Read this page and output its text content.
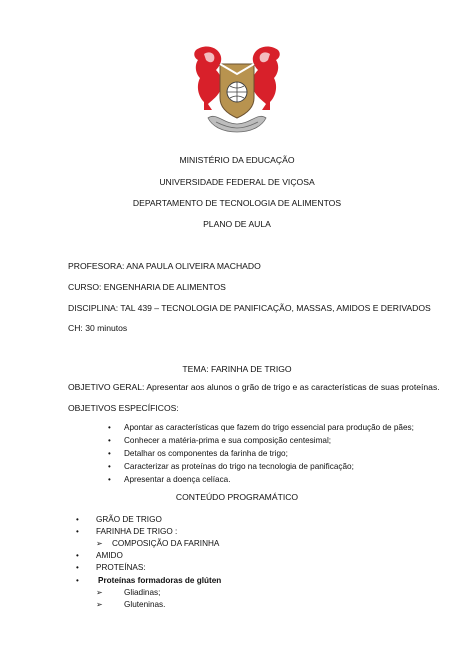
MINISTÉRIO DA EDUCAÇÃO
UNIVERSIDADE FEDERAL DE VIÇOSA
DEPARTAMENTO DE TECNOLOGIA DE ALIMENTOS
PLANO DE AULA
PROFESORA: ANA PAULA OLIVEIRA MACHADO
CURSO: ENGENHARIA DE ALIMENTOS
DISCIPLINA: TAL 439 – TECNOLOGIA DE PANIFICAÇÃO, MASSAS, AMIDOS E DERIVADOS
CH: 30 minutos
TEMA: FARINHA DE TRIGO
OBJETIVO GERAL: Apresentar aos alunos o grão de trigo e as características de suas proteínas.
OBJETIVOS ESPECÍFICOS:
• Apontar as características que fazem do trigo essencial para produção de pães;
• Conhecer a matéria-prima e sua composição centesimal;
• Detalhar os componentes da farinha de trigo;
• Caracterizar as proteínas do trigo na tecnologia de panificação;
• Apresentar a doença celíaca.
CONTEÚDO PROGRAMÁTICO
• GRÃO DE TRIGO
• FARINHA DE TRIGO :
➢ COMPOSIÇÃO DA FARINHA
• AMIDO
• PROTEÍNAS:
• Proteínas formadoras de glúten
➢	Gliadinas;
➢	Gluteninas.
